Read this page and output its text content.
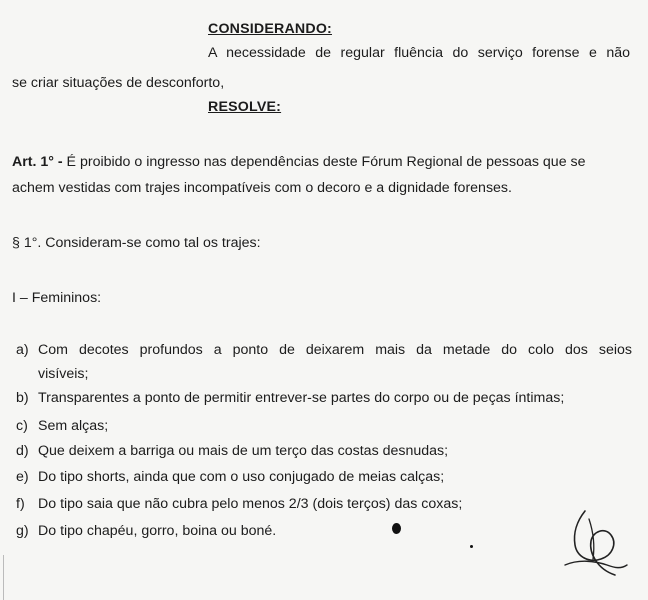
CONSIDERANDO:
A necessidade de regular fluência do serviço forense e não
se criar situações de desconforto,
RESOLVE:
Art. 1° - É proibido o ingresso nas dependências deste Fórum Regional de pessoas que se
achem vestidas com trajes incompatíveis com o decoro e a dignidade forenses.
§ 1°. Consideram-se como tal os trajes:
I – Femininos:
a) Com decotes profundos a ponto de deixarem mais da metade do colo dos seios
visíveis;
b) Transparentes a ponto de permitir entrever-se partes do corpo ou de peças íntimas;
c) Sem alças;
d) Que deixem a barriga ou mais de um terço das costas desnudas;
e) Do tipo shorts, ainda que com o uso conjugado de meias calças;
f) Do tipo saia que não cubra pelo menos 2/3 (dois terços) das coxas;
g) Do tipo chapéu, gorro, boina ou boné.
